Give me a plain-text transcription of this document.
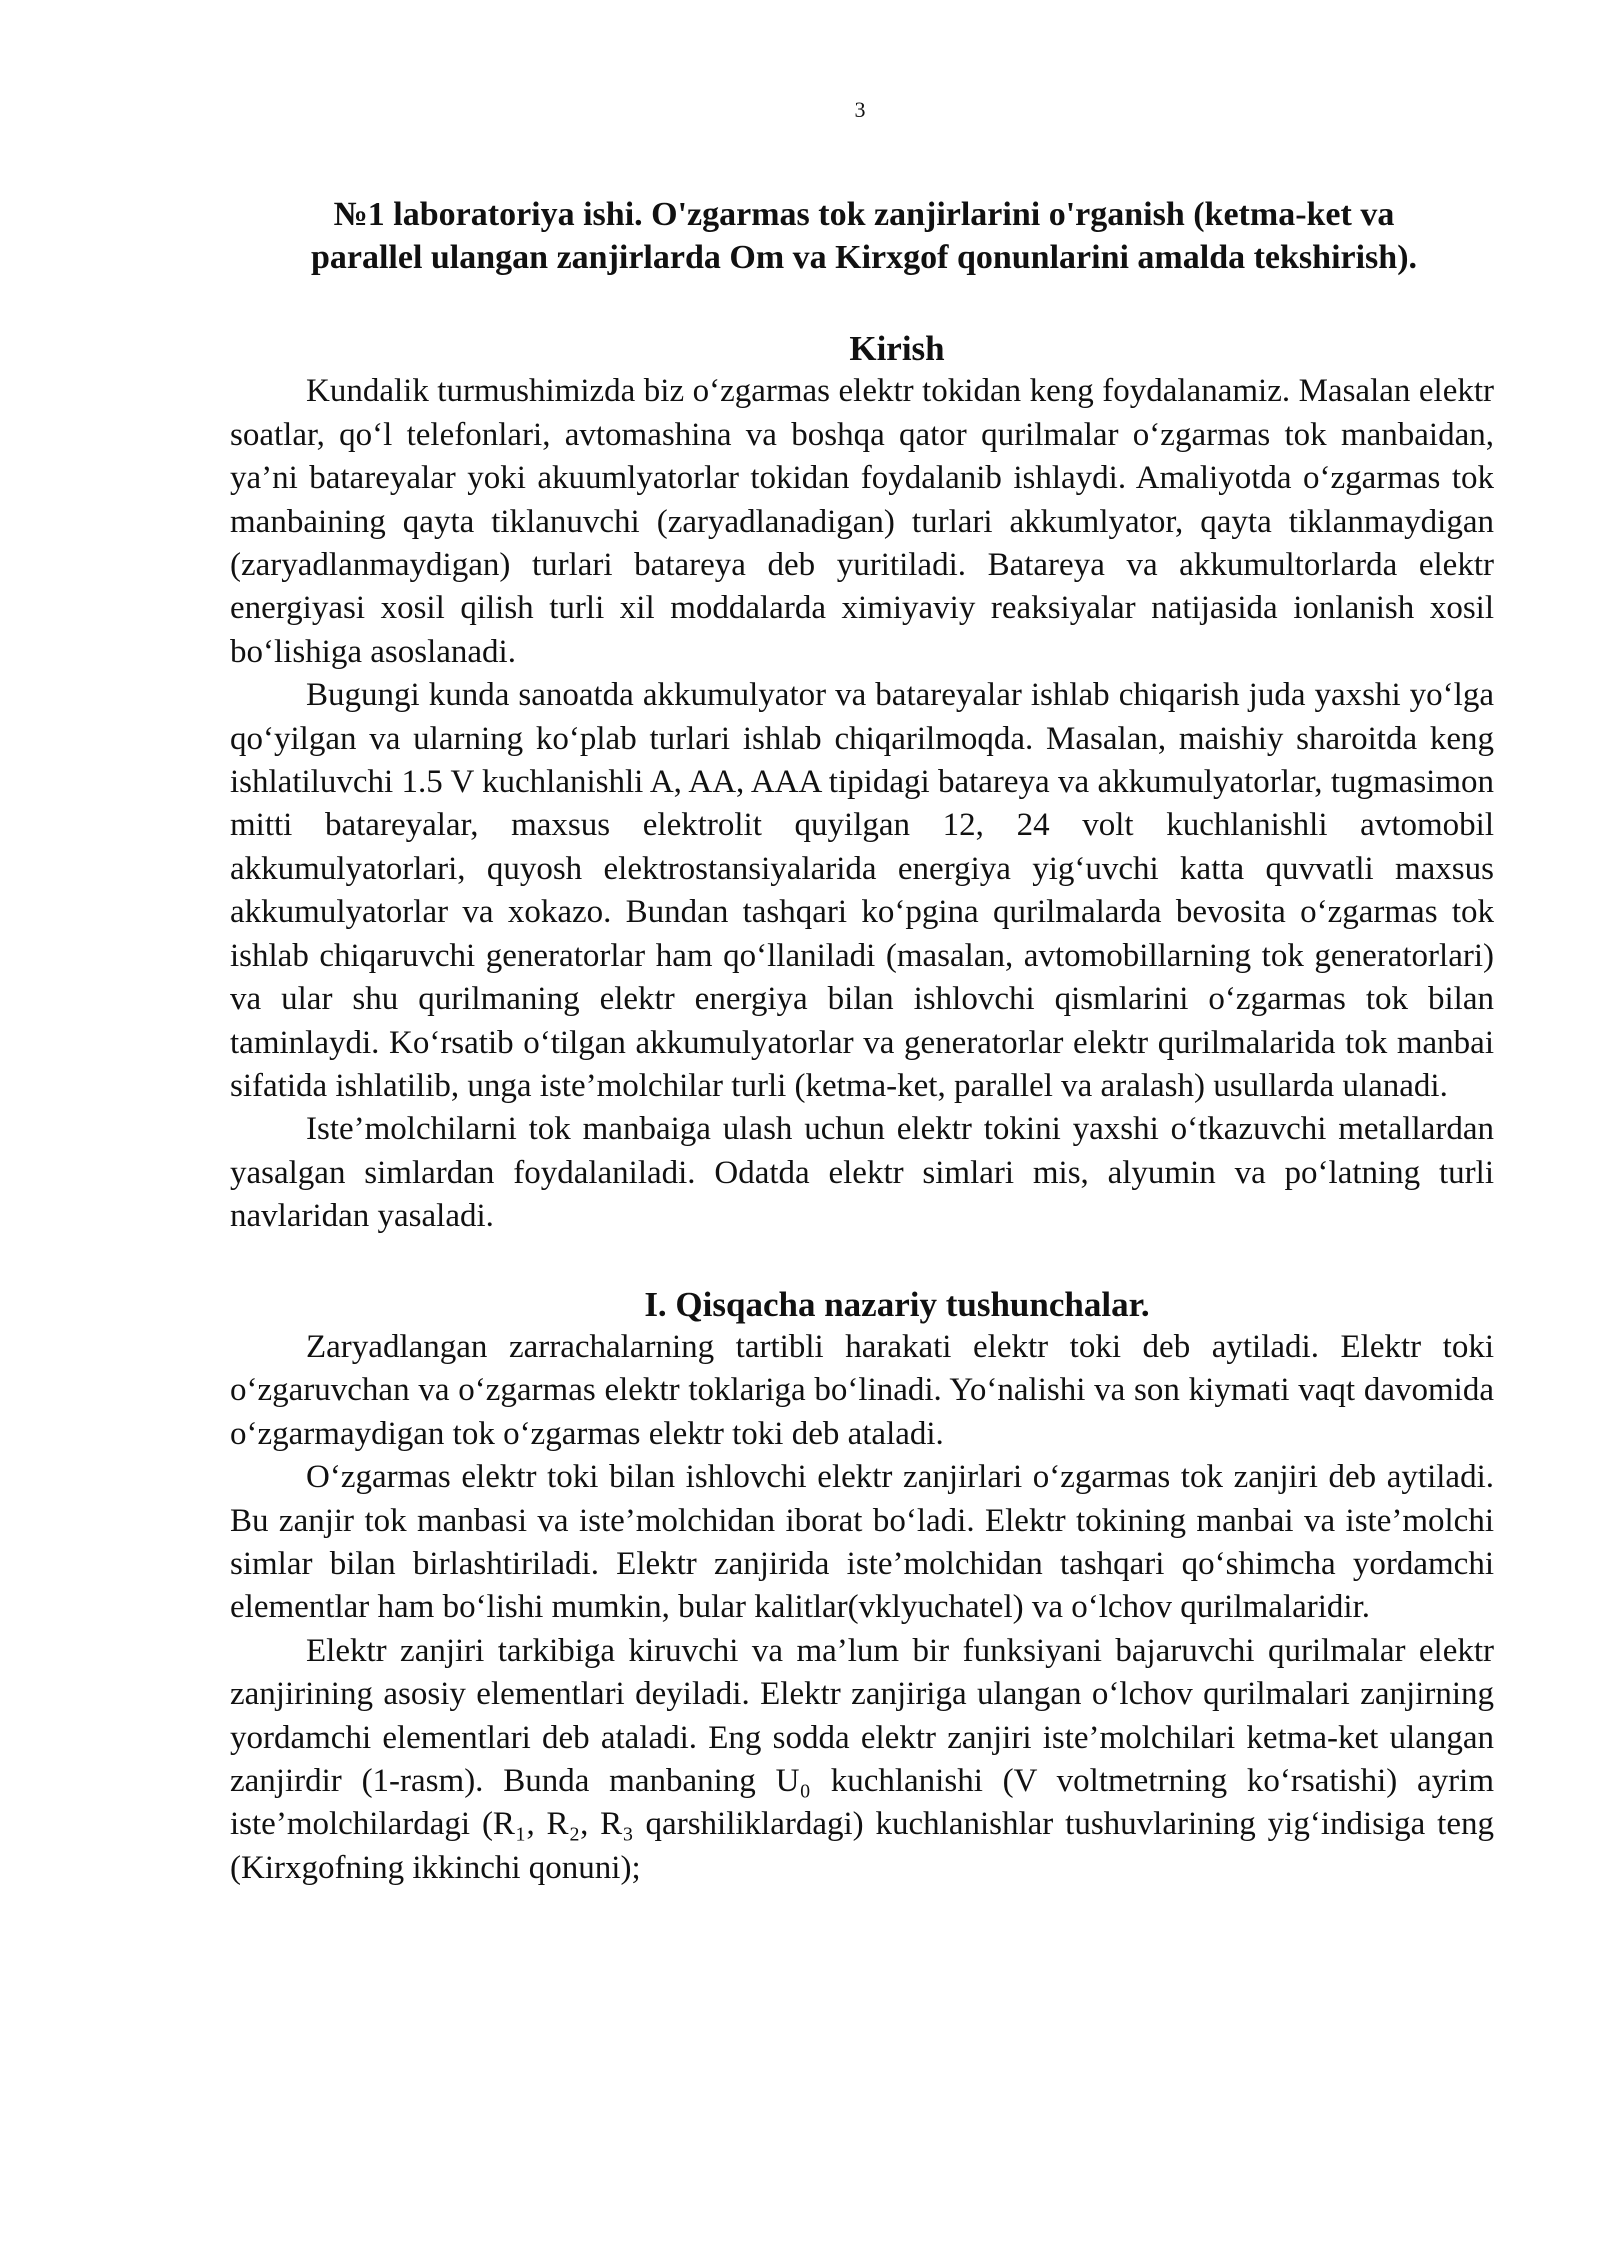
3
№1 laboratoriya ishi. O'zgarmas tok zanjirlarini o'rganish (ketma-ket va
parallel ulangan zanjirlarda Om va Kirxgof qonunlarini amalda tekshirish).
Kirish

Kundalik turmushimizda biz o‘zgarmas elektr tokidan keng foydalanamiz. Masalan elektr soatlar, qo‘l telefonlari, avtomashina va boshqa qator qurilmalar o‘zgarmas tok manbaidan, ya’ni batareyalar yoki akuumlyatorlar tokidan foydalanib ishlaydi. Amaliyotda o‘zgarmas tok manbaining qayta tiklanuvchi (zaryadlanadigan) turlari akkumlyator, qayta tiklanmaydigan (zaryadlanmaydigan) turlari batareya deb yuritiladi. Batareya va akkumultorlarda elektr energiyasi xosil qilish turli xil moddalarda ximiyaviy reaksiyalar natijasida ionlanish xosil bo‘lishiga asoslanadi.

Bugungi kunda sanoatda akkumulyator va batareyalar ishlab chiqarish juda yaxshi yo‘lga qo‘yilgan va ularning ko‘plab turlari ishlab chiqarilmoqda. Masalan, maishiy sharoitda keng ishlatiluvchi 1.5 V kuchlanishli A, AA, AAA tipidagi batareya va akkumulyatorlar, tugmasimon mitti batareyalar, maxsus elektrolit quyilgan 12, 24 volt kuchlanishli avtomobil akkumulyatorlari, quyosh elektrostansiyalarida energiya yig‘uvchi katta quvvatli maxsus akkumulyatorlar va xokazo. Bundan tashqari ko‘pgina qurilmalarda bevosita o‘zgarmas tok ishlab chiqaruvchi generatorlar ham qo‘llaniladi (masalan, avtomobillarning tok generatorlari) va ular shu qurilmaning elektr energiya bilan ishlovchi qismlarini o‘zgarmas tok bilan taminlaydi. Ko‘rsatib o‘tilgan akkumulyatorlar va generatorlar elektr qurilmalarida tok manbai sifatida ishlatilib, unga iste’molchilar turli (ketma-ket, parallel va aralash) usullarda ulanadi.

Iste’molchilarni tok manbaiga ulash uchun elektr tokini yaxshi o‘tkazuvchi metallardan yasalgan simlardan foydalaniladi. Odatda elektr simlari mis, alyumin va po‘latning turli navlaridan yasaladi.

I. Qisqacha nazariy tushunchalar.

Zaryadlangan zarrachalarning tartibli harakati elektr toki deb aytiladi. Elektr toki o‘zgaruvchan va o‘zgarmas elektr toklariga bo‘linadi. Yo‘nalishi va son kiymati vaqt davomida o‘zgarmaydigan tok o‘zgarmas elektr toki deb ataladi.

O‘zgarmas elektr toki bilan ishlovchi elektr zanjirlari o‘zgarmas tok zanjiri deb aytiladi. Bu zanjir tok manbasi va iste’molchidan iborat bo‘ladi. Elektr tokining manbai va iste’molchi simlar bilan birlashtiriladi. Elektr zanjirida iste’molchidan tashqari qo‘shimcha yordamchi elementlar ham bo‘lishi mumkin, bular kalitlar(vklyuchatel) va o‘lchov qurilmalaridir.

Elektr zanjiri tarkibiga kiruvchi va ma’lum bir funksiyani bajaruvchi qurilmalar elektr zanjirining asosiy elementlari deyiladi. Elektr zanjiriga ulangan o‘lchov qurilmalari zanjirning yordamchi elementlari deb ataladi. Eng sodda elektr zanjiri iste’molchilari ketma-ket ulangan zanjirdir (1-rasm). Bunda manbaning U₀ kuchlanishi (V voltmetrning ko‘rsatishi) ayrim iste’molchilardagi (R₁, R₂, R₃ qarshiliklardagi) kuchlanishlar tushuvlarining yig‘indisiga teng (Kirxgofning ikkinchi qonuni);
